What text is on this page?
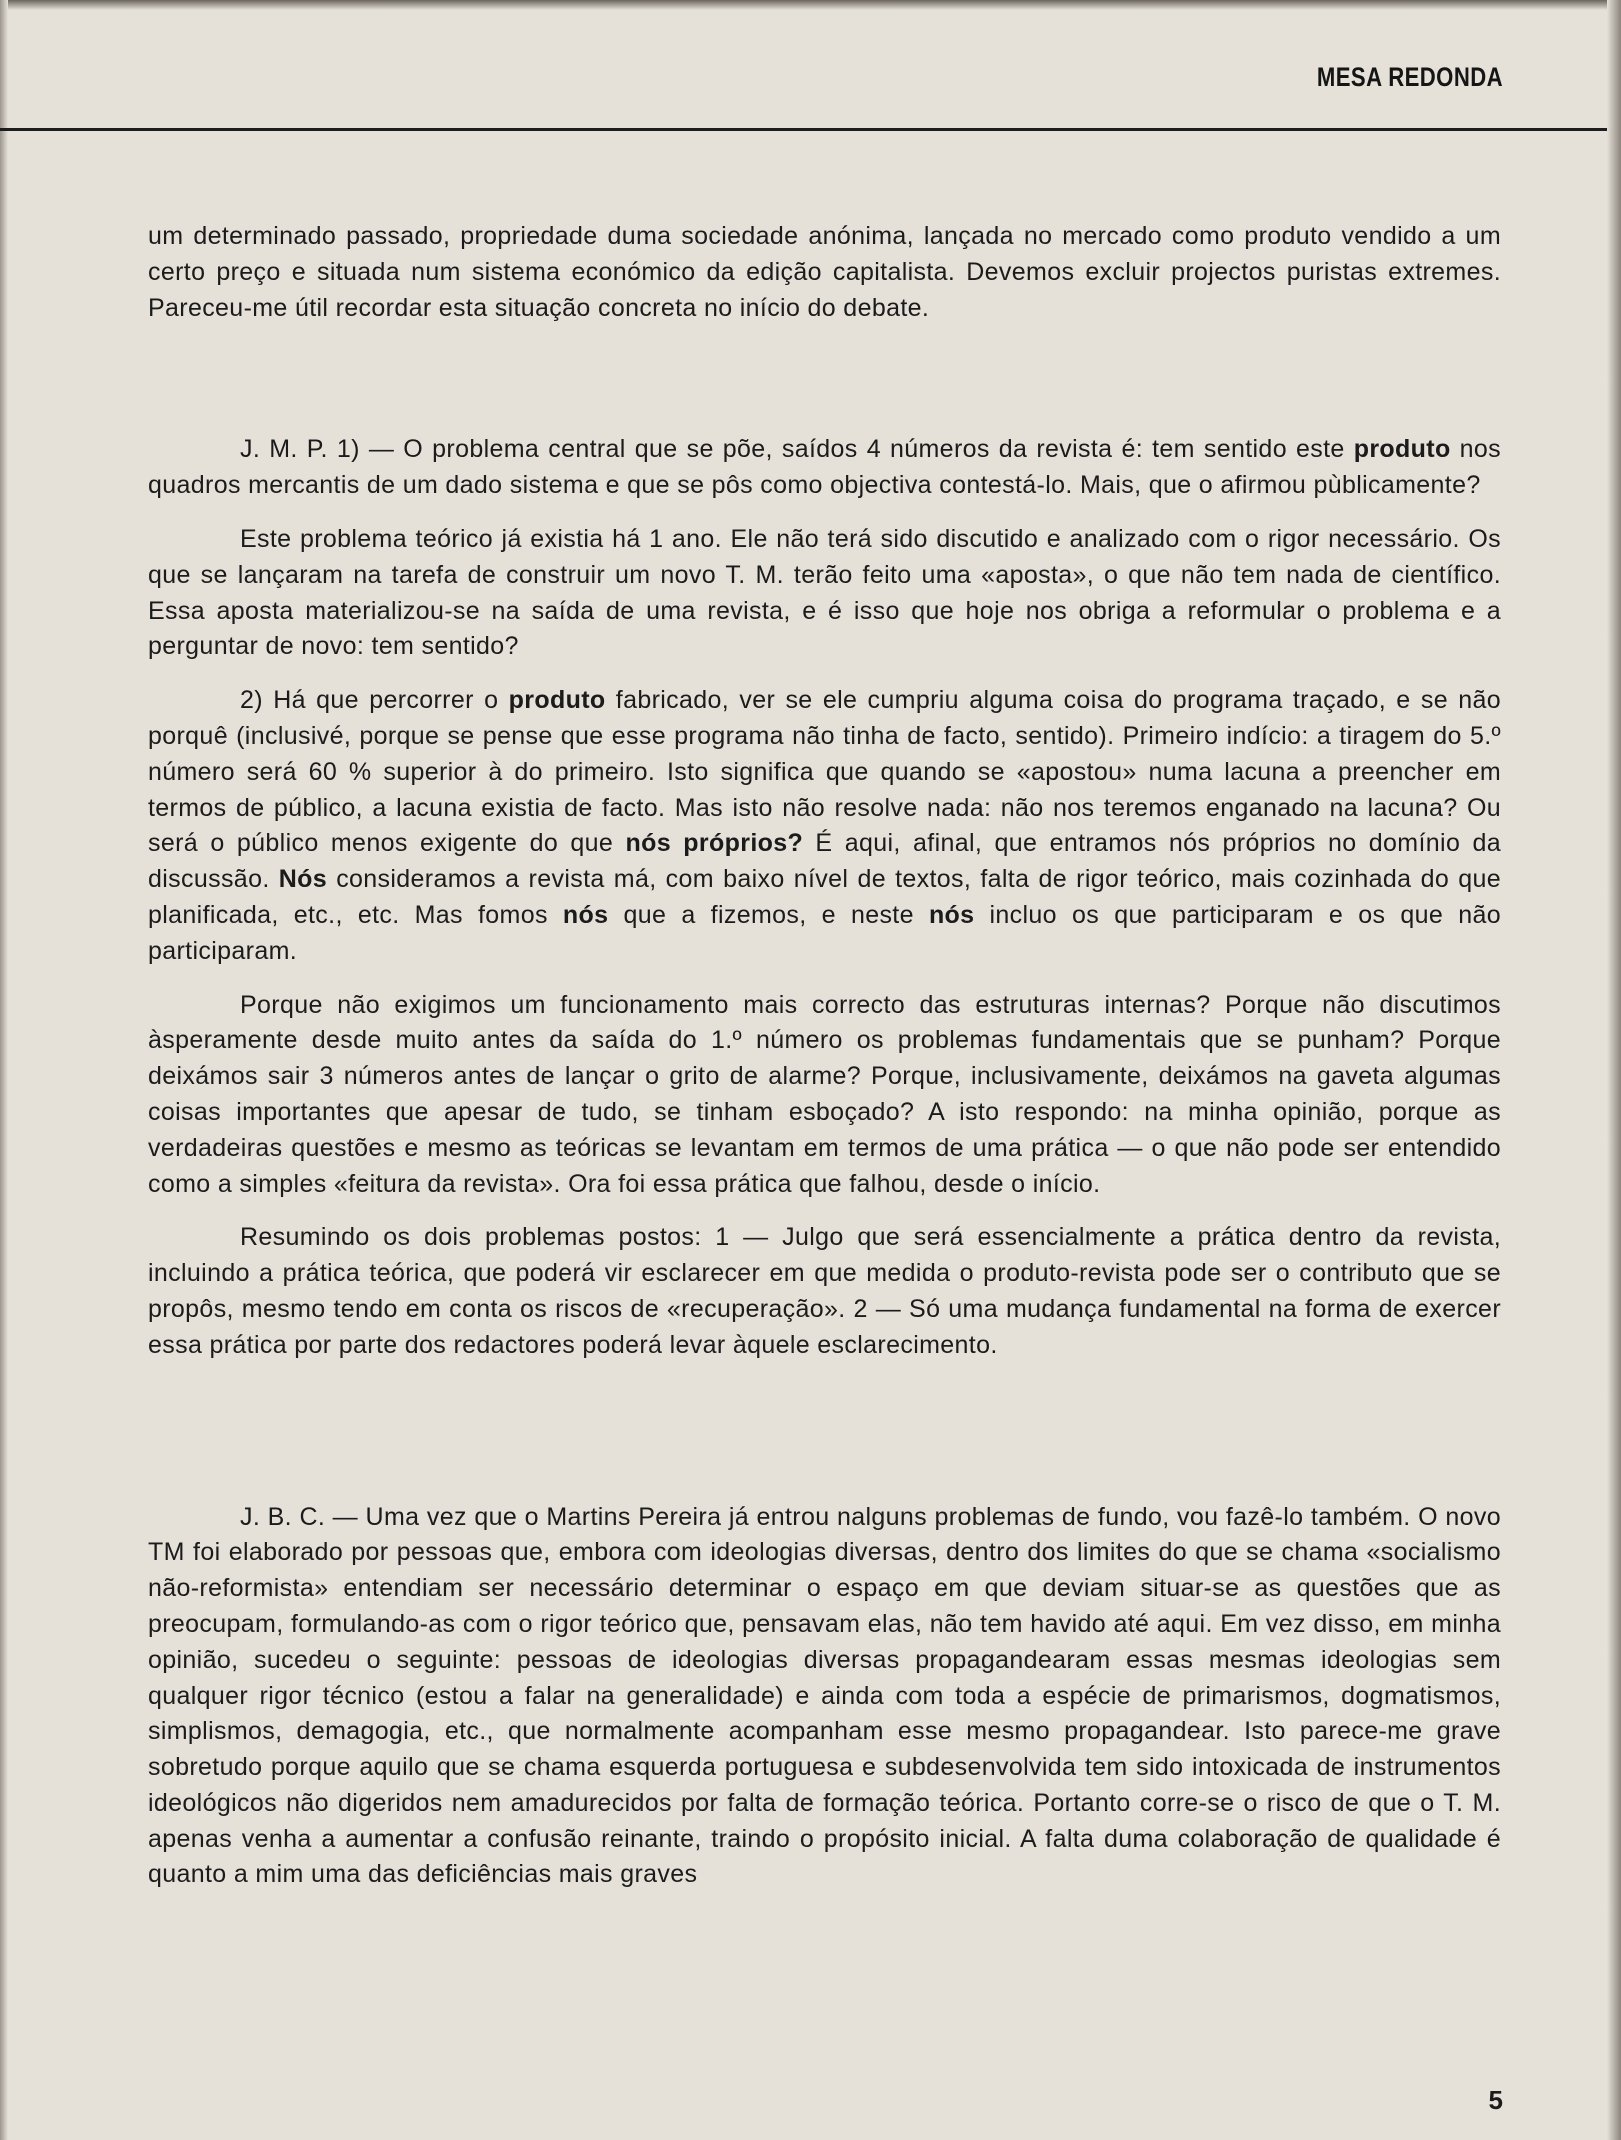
MESA REDONDA

um determinado passado, propriedade duma sociedade anónima, lançada no mercado como produto vendido a um certo preço e situada num sistema económico da edição capitalista. Devemos excluir projectos puristas extremes. Pareceu-me útil recordar esta situação concreta no início do debate.

J. M. P. 1) — O problema central que se põe, saídos 4 números da revista é: tem sentido este produto nos quadros mercantis de um dado sistema e que se pôs como objectiva contestá-lo. Mais, que o afirmou pùblicamente?

Este problema teórico já existia há 1 ano. Ele não terá sido discutido e analizado com o rigor necessário. Os que se lançaram na tarefa de construir um novo T. M. terão feito uma «aposta», o que não tem nada de científico. Essa aposta materializou-se na saída de uma revista, e é isso que hoje nos obriga a reformular o problema e a perguntar de novo: tem sentido?

2) Há que percorrer o produto fabricado, ver se ele cumpriu alguma coisa do programa traçado, e se não porquê (inclusivé, porque se pense que esse programa não tinha de facto, sentido). Primeiro indício: a tiragem do 5.º número será 60 % superior à do primeiro. Isto significa que quando se «apostou» numa lacuna a preencher em termos de público, a lacuna existia de facto. Mas isto não resolve nada: não nos teremos enganado na lacuna? Ou será o público menos exigente do que nós próprios? É aqui, afinal, que entramos nós próprios no domínio da discussão. Nós consideramos a revista má, com baixo nível de textos, falta de rigor teórico, mais cozinhada do que planificada, etc., etc. Mas fomos nós que a fizemos, e neste nós incluo os que participaram e os que não participaram.

Porque não exigimos um funcionamento mais correcto das estruturas internas? Porque não discutimos àsperamente desde muito antes da saída do 1.º número os problemas fundamentais que se punham? Porque deixámos sair 3 números antes de lançar o grito de alarme? Porque, inclusivamente, deixámos na gaveta algumas coisas importantes que apesar de tudo, se tinham esboçado? A isto respondo: na minha opinião, porque as verdadeiras questões e mesmo as teóricas se levantam em termos de uma prática — o que não pode ser entendido como a simples «feitura da revista». Ora foi essa prática que falhou, desde o início.

Resumindo os dois problemas postos: 1 — Julgo que será essencialmente a prática dentro da revista, incluindo a prática teórica, que poderá vir esclarecer em que medida o produto-revista pode ser o contributo que se propôs, mesmo tendo em conta os riscos de «recuperação». 2 — Só uma mudança fundamental na forma de exercer essa prática por parte dos redactores poderá levar àquele esclarecimento.

J. B. C. — Uma vez que o Martins Pereira já entrou nalguns problemas de fundo, vou fazê-lo também. O novo TM foi elaborado por pessoas que, embora com ideologias diversas, dentro dos limites do que se chama «socialismo não-reformista» entendiam ser necessário determinar o espaço em que deviam situar-se as questões que as preocupam, formulando-as com o rigor teórico que, pensavam elas, não tem havido até aqui. Em vez disso, em minha opinião, sucedeu o seguinte: pessoas de ideologias diversas propagandearam essas mesmas ideologias sem qualquer rigor técnico (estou a falar na generalidade) e ainda com toda a espécie de primarismos, dogmatismos, simplismos, demagogia, etc., que normalmente acompanham esse mesmo propagandear. Isto parece-me grave sobretudo porque aquilo que se chama esquerda portuguesa e subdesenvolvida tem sido intoxicada de instrumentos ideológicos não digeridos nem amadurecidos por falta de formação teórica. Portanto corre-se o risco de que o T. M. apenas venha a aumentar a confusão reinante, traindo o propósito inicial. A falta duma colaboração de qualidade é quanto a mim uma das deficiências mais graves

5
